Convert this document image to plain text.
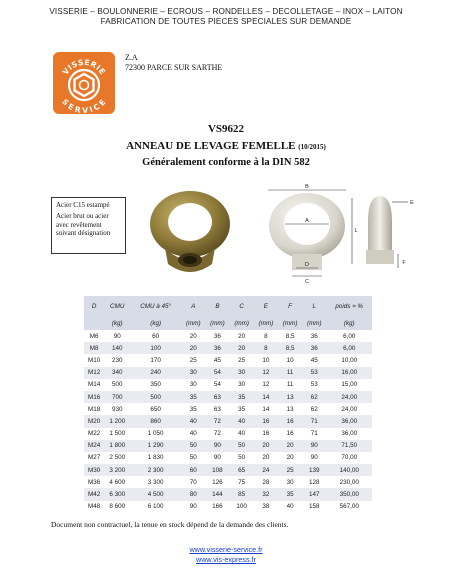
VISSERIE – BOULONNERIE – ECROUS – RONDELLES – DECOLLETAGE – INOX – LAITON
FABRICATION DE TOUTES PIECES SPECIALES SUR DEMANDE
VISSERIE
SERVICE
Z.A
72300 PARCE SUR SARTHE
VS9622
ANNEAU DE LEVAGE FEMELLE (10/2015)
Généralement conforme à la DIN 582

Acier C15 estampé

Acier brut ou acier avec revêtement suivant désignation

B
A
D
C
L
E
F
D	CMU	CMU à 45°	A	B	C	E	F	L	poids ≈ %
	(kg)	(kg)	(mm)	(mm)	(mm)	(mm)	(mm)	(mm)	(kg)
M6	90	60	20	36	20	8	8,5	36	6,00
M8	140	100	20	36	20	8	8,5	36	6,00
M10	230	170	25	45	25	10	10	45	10,00
M12	340	240	30	54	30	12	11	53	16,00
M14	500	350	30	54	30	12	11	53	15,00
M16	700	500	35	63	35	14	13	62	24,00
M18	930	650	35	63	35	14	13	62	24,00
M20	1 200	860	40	72	40	16	16	71	36,00
M22	1 500	1 050	40	72	40	16	16	71	36,00
M24	1 800	1 290	50	90	50	20	20	90	71,50
M27	2 500	1 830	50	90	50	20	20	90	70,00
M30	3 200	2 300	60	108	65	24	25	139	140,00
M36	4 600	3 300	70	126	75	28	30	128	230,00
M42	6 300	4 500	80	144	85	32	35	147	350,00
M48	8 600	6 100	90	166	100	38	40	158	567,00
Document non contractuel, la tenue en stock dépend de la demande des clients.
www.visserie-service.fr
www.vis-express.fr
